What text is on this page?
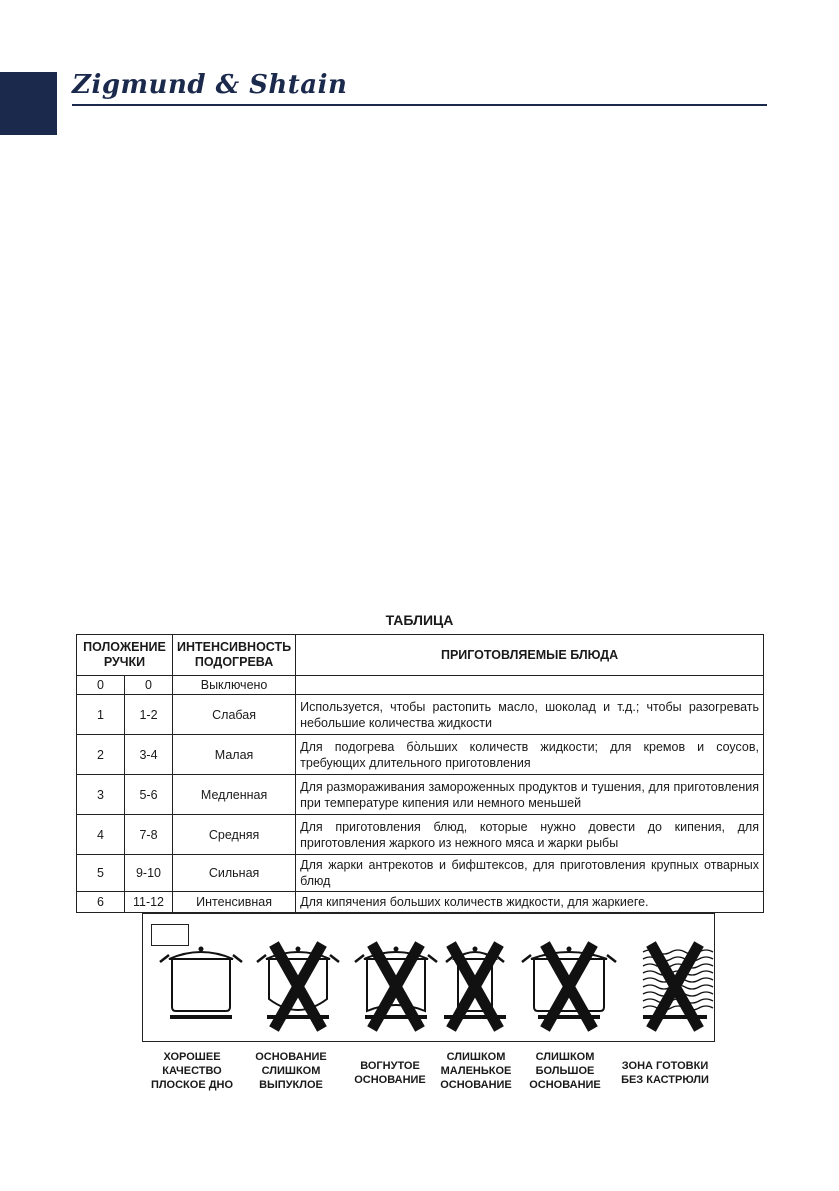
Zigmund & Shtain
ТАБЛИЦА
ПОЛОЖЕНИЕ РУЧКИ		ИНТЕНСИВНОСТЬ ПОДОГРЕВА	ПРИГОТОВЛЯЕМЫЕ БЛЮДА
0	0	Выключено	
1	1-2	Слабая	Используется, чтобы растопить масло, шоколад и т.д.; чтобы разогревать небольшие количества жидкости
2	3-4	Малая	Для подогрева бо̀льших количеств жидкости; для кремов и соусов, требующих длительного приготовления
3	5-6	Медленная	Для размораживания замороженных продуктов и тушения, для приготовления при температуре кипения или немного меньшей
4	7-8	Средняя	Для приготовления блюд, которые нужно довести до кипения, для приготовления жаркого из нежного мяса и жарки рыбы
5	9-10	Сильная	Для жарки антрекотов и бифштексов, для приготовления крупных отварных блюд
6	11-12	Интенсивная	Для кипячения больших количеств жидкости, для жаркиеге.
ХОРОШЕЕ КАЧЕСТВО ПЛОСКОЕ ДНО
ОСНОВАНИЕ СЛИШКОМ ВЫПУКЛОЕ
ВОГНУТОЕ ОСНОВАНИЕ
СЛИШКОМ МАЛЕНЬКОЕ ОСНОВАНИЕ
СЛИШКОМ БОЛЬШОЕ ОСНОВАНИЕ
ЗОНА ГОТОВКИ БЕЗ КАСТРЮЛИ
